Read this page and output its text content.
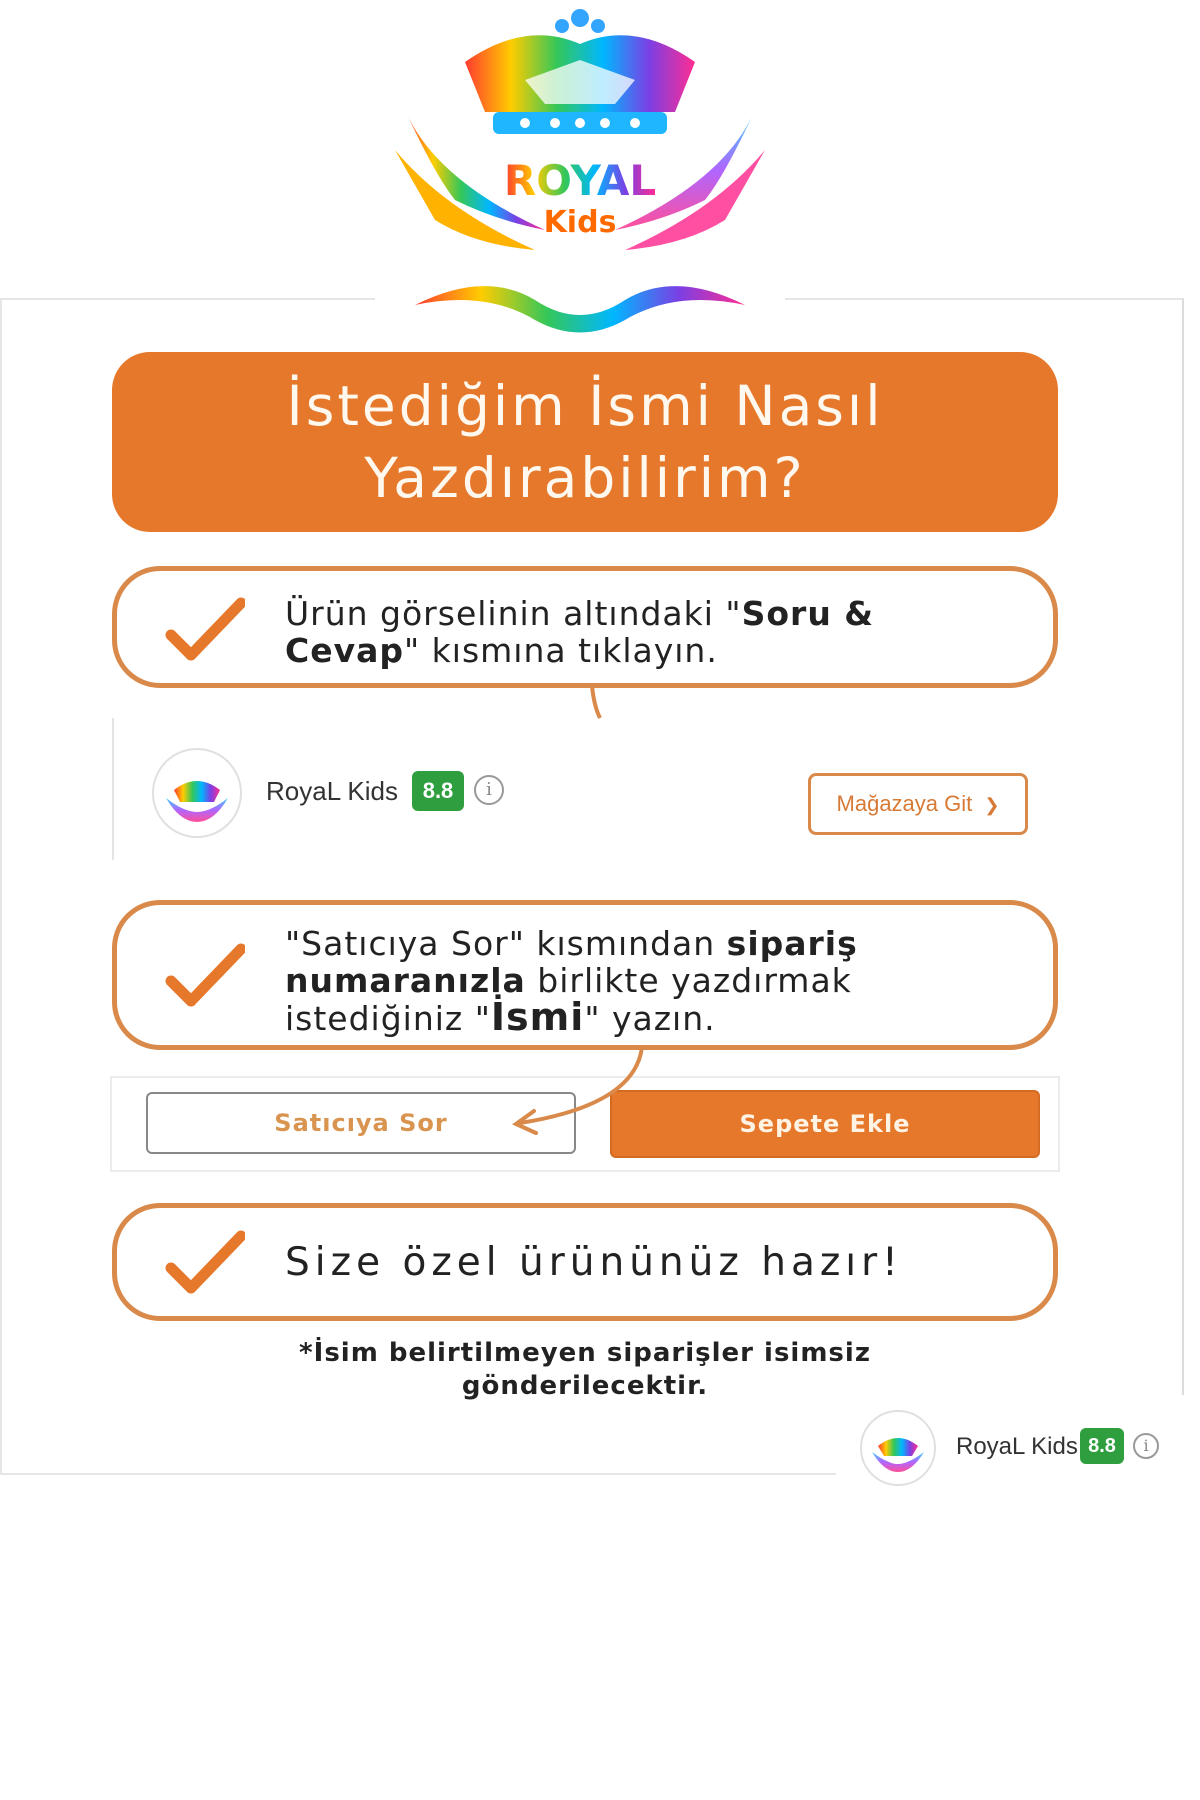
ROYAL
Kids
İstediğim İsmi Nasıl
Yazdırabilirim?
Ürün görselinin altındaki "Soru &
Cevap" kısmına tıklayın.
RoyaL Kids	8.8	i
Mağazaya Git ❯
"Satıcıya Sor" kısmından sipariş
numaranızla birlikte yazdırmak
istediğiniz "İsmi" yazın.
Satıcıya Sor	Sepete Ekle
Size özel ürününüz hazır!
*İsim belirtilmeyen siparişler isimsiz
gönderilecektir.
RoyaL Kids 8.8	i
